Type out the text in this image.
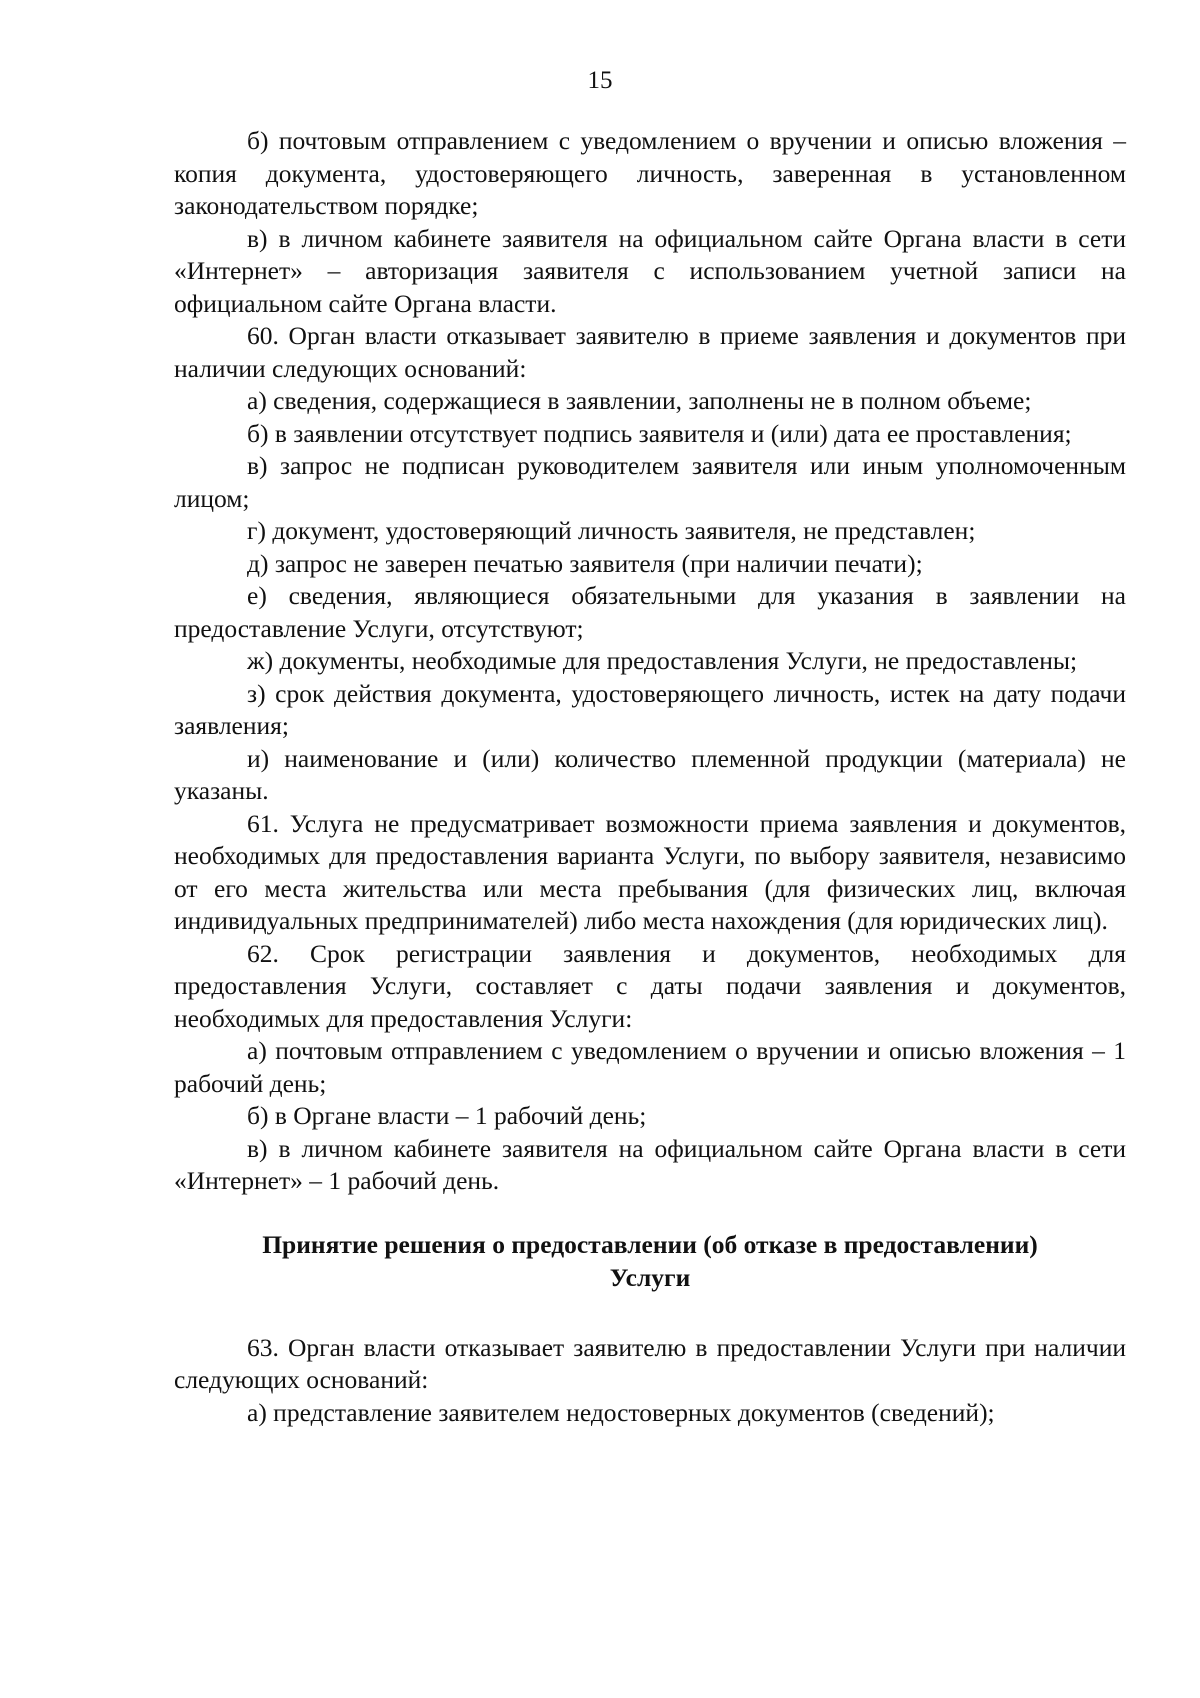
15

б) почтовым отправлением с уведомлением о вручении и описью вложения – копия документа, удостоверяющего личность, заверенная в установленном законодательством порядке;

в) в личном кабинете заявителя на официальном сайте Органа власти в сети «Интернет» – авторизация заявителя с использованием учетной записи на официальном сайте Органа власти.

60. Орган власти отказывает заявителю в приеме заявления и документов при наличии следующих оснований:

а) сведения, содержащиеся в заявлении, заполнены не в полном объеме;

б) в заявлении отсутствует подпись заявителя и (или) дата ее проставления;

в) запрос не подписан руководителем заявителя или иным уполномоченным лицом;

г) документ, удостоверяющий личность заявителя, не представлен;

д) запрос не заверен печатью заявителя (при наличии печати);

е) сведения, являющиеся обязательными для указания в заявлении на предоставление Услуги, отсутствуют;

ж) документы, необходимые для предоставления Услуги, не предоставлены;

з) срок действия документа, удостоверяющего личность, истек на дату подачи заявления;

и) наименование и (или) количество племенной продукции (материала) не указаны.

61. Услуга не предусматривает возможности приема заявления и документов, необходимых для предоставления варианта Услуги, по выбору заявителя, независимо от его места жительства или места пребывания (для физических лиц, включая индивидуальных предпринимателей) либо места нахождения (для юридических лиц).

62. Срок регистрации заявления и документов, необходимых для предоставления Услуги, составляет с даты подачи заявления и документов, необходимых для предоставления Услуги:

а) почтовым отправлением с уведомлением о вручении и описью вложения – 1 рабочий день;

б) в Органе власти – 1 рабочий день;

в) в личном кабинете заявителя на официальном сайте Органа власти в сети «Интернет» – 1 рабочий день.

Принятие решения о предоставлении (об отказе в предоставлении)
Услуги

63. Орган власти отказывает заявителю в предоставлении Услуги при наличии следующих оснований:

а) представление заявителем недостоверных документов (сведений);
